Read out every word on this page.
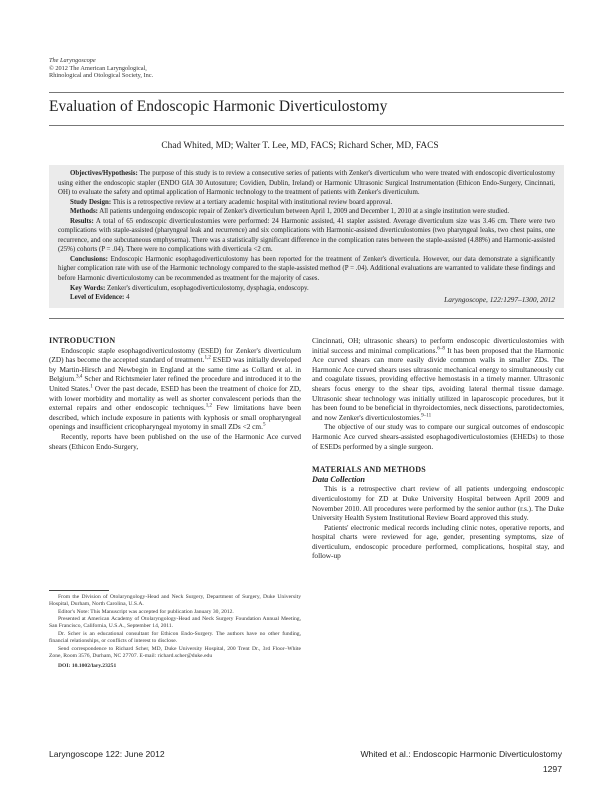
The Laryngoscope
© 2012 The American Laryngological,
Rhinological and Otological Society, Inc.
Evaluation of Endoscopic Harmonic Diverticulostomy
Chad Whited, MD; Walter T. Lee, MD, FACS; Richard Scher, MD, FACS

Objectives/Hypothesis: The purpose of this study is to review a consecutive series of patients with Zenker's diverticulum who were treated with endoscopic diverticulostomy using either the endoscopic stapler (ENDO GIA 30 Autosuture; Covidien, Dublin, Ireland) or Harmonic Ultrasonic Surgical Instrumentation (Ethicon Endo-Surgery, Cincinnati, OH) to evaluate the safety and optimal application of Harmonic technology to the treatment of patients with Zenker's diverticulum.

Study Design: This is a retrospective review at a tertiary academic hospital with institutional review board approval.

Methods: All patients undergoing endoscopic repair of Zenker's diverticulum between April 1, 2009 and December 1, 2010 at a single institution were studied.

Results: A total of 65 endoscopic diverticulostomies were performed: 24 Harmonic assisted, 41 stapler assisted. Average diverticulum size was 3.46 cm. There were two complications with staple-assisted (pharyngeal leak and recurrence) and six complications with Harmonic-assisted diverticulostomies (two pharyngeal leaks, two chest pains, one recurrence, and one subcutaneous emphysema). There was a statistically significant difference in the complication rates between the staple-assisted (4.88%) and Harmonic-assisted (25%) cohorts (P = .04). There were no complications with diverticula <2 cm.

Conclusions: Endoscopic Harmonic esophagodiverticulostomy has been reported for the treatment of Zenker's diverticula. However, our data demonstrate a significantly higher complication rate with use of the Harmonic technology compared to the staple-assisted method (P = .04). Additional evaluations are warranted to validate these findings and before Harmonic diverticulostomy can be recommended as treatment for the majority of cases.

Key Words: Zenker's diverticulum, esophagodiverticulostomy, dysphagia, endoscopy.

Level of Evidence: 4	Laryngoscope, 122:1297–1300, 2012

INTRODUCTION

Endoscopic staple esophagodiverticulostomy (ESED) for Zenker's diverticulum (ZD) has become the accepted standard of treatment.$^{1,2}$ ESED was initially developed by Martin-Hirsch and Newbegin in England at the same time as Collard et al. in Belgium.$^{3,4}$ Scher and Richtsmeier later refined the procedure and introduced it to the United States.$^1$ Over the past decade, ESED has been the treatment of choice for ZD, with lower morbidity and mortality as well as shorter convalescent periods than the external repairs and other endoscopic techniques.$^{1,2}$ Few limitations have been described, which include exposure in patients with kyphosis or small oropharyngeal openings and insufficient cricopharyngeal myotomy in small ZDs <2 cm.$^5$

Recently, reports have been published on the use of the Harmonic Ace curved shears (Ethicon Endo-Surgery,

From the Division of Otolaryngology-Head and Neck Surgery, Department of Surgery, Duke University Hospital, Durham, North Carolina, U.S.A.

Editor's Note: This Manuscript was accepted for publication January 30, 2012.

Presented at American Academy of Otolaryngology-Head and Neck Surgery Foundation Annual Meeting, San Francisco, California, U.S.A., September 14, 2011.

Dr. Scher is an educational consultant for Ethicon Endo-Surgery. The authors have no other funding, financial relationships, or conflicts of interest to disclose.

Send correspondence to Richard Scher, MD, Duke University Hospital, 200 Trent Dr., 3rd Floor–White Zone, Room 3576, Durham, NC 27707. E-mail: richard.scher@duke.edu

DOI: 10.1002/lary.23251

Cincinnati, OH; ultrasonic shears) to perform endoscopic diverticulostomies with initial success and minimal complications.$^{6-8}$ It has been proposed that the Harmonic Ace curved shears can more easily divide common walls in smaller ZDs. The Harmonic Ace curved shears uses ultrasonic mechanical energy to simultaneously cut and coagulate tissues, providing effective hemostasis in a timely manner. Ultrasonic shears focus energy to the shear tips, avoiding lateral thermal tissue damage. Ultrasonic shear technology was initially utilized in laparoscopic procedures, but it has been found to be beneficial in thyroidectomies, neck dissections, parotidectomies, and now Zenker's diverticulostomies.$^{9-11}$

The objective of our study was to compare our surgical outcomes of endoscopic Harmonic Ace curved shears-assisted esophagodiverticulostomies (EHEDs) to those of ESEDs performed by a single surgeon.

MATERIALS AND METHODS

Data Collection

This is a retrospective chart review of all patients undergoing endoscopic diverticulostomy for ZD at Duke University Hospital between April 2009 and November 2010. All procedures were performed by the senior author (r.s.). The Duke University Health System Institutional Review Board approved this study.

Patients' electronic medical records including clinic notes, operative reports, and hospital charts were reviewed for age, gender, presenting symptoms, size of diverticulum, endoscopic procedure performed, complications, hospital stay, and follow-up

Laryngoscope 122: June 2012	Whited et al.: Endoscopic Harmonic Diverticulostomy
1297
